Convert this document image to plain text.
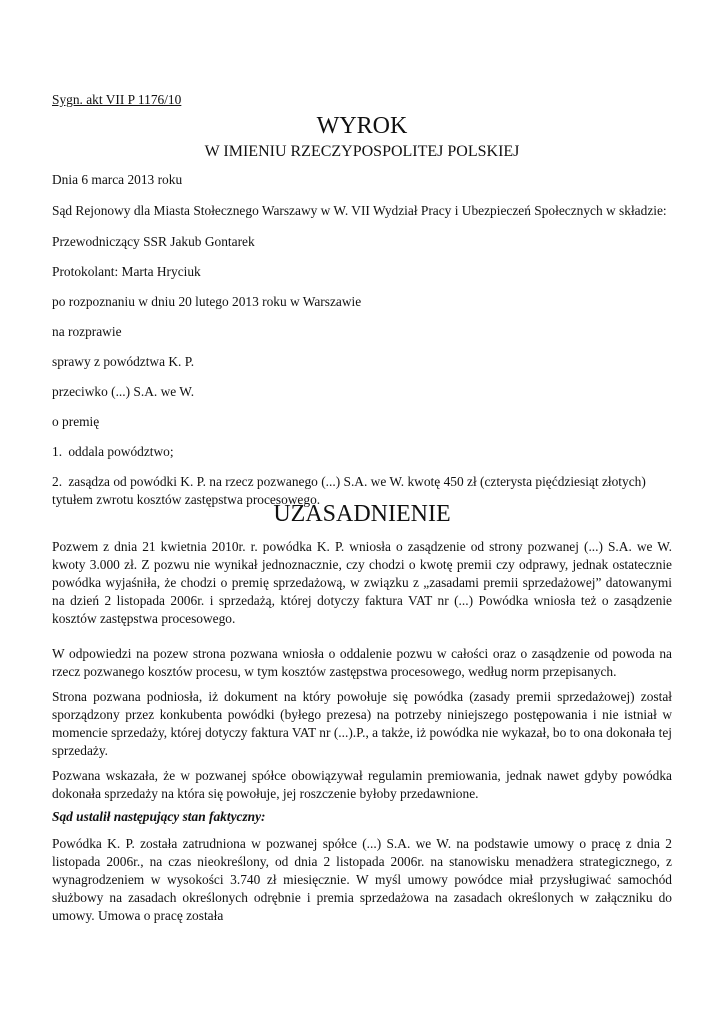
Sygn. akt VII P 1176/10
WYROK
W IMIENIU RZECZYPOSPOLITEJ POLSKIEJ
Dnia 6 marca 2013 roku
Sąd Rejonowy dla Miasta Stołecznego Warszawy w W. VII Wydział Pracy i Ubezpieczeń Społecznych w składzie:
Przewodniczący SSR Jakub Gontarek
Protokolant: Marta Hryciuk
po rozpoznaniu w dniu 20 lutego 2013 roku w Warszawie
na rozprawie
sprawy z powództwa K. P.
przeciwko (...) S.A. we W.
o premię
1. oddala powództwo;
2. zasądza od powódki K. P. na rzecz pozwanego (...) S.A. we W. kwotę 450 zł (czterysta pięćdziesiąt złotych) tytułem zwrotu kosztów zastępstwa procesowego.
UZASADNIENIE
Pozwem z dnia 21 kwietnia 2010r. r. powódka K. P. wniosła o zasądzenie od strony pozwanej (...) S.A. we W. kwoty 3.000 zł. Z pozwu nie wynikał jednoznacznie, czy chodzi o kwotę premii czy odprawy, jednak ostatecznie powódka wyjaśniła, że chodzi o premię sprzedażową, w związku z „zasadami premii sprzedażowej” datowanymi na dzień 2 listopada 2006r. i sprzedażą, której dotyczy faktura VAT nr (...) Powódka wniosła też o zasądzenie kosztów zastępstwa procesowego.
W odpowiedzi na pozew strona pozwana wniosła o oddalenie pozwu w całości oraz o zasądzenie od powoda na rzecz pozwanego kosztów procesu, w tym kosztów zastępstwa procesowego, według norm przepisanych.
Strona pozwana podniosła, iż dokument na który powołuje się powódka (zasady premii sprzedażowej) został sporządzony przez konkubenta powódki (byłego prezesa) na potrzeby niniejszego postępowania i nie istniał w momencie sprzedaży, której dotyczy faktura VAT nr (...).P., a także, iż powódka nie wykazał, bo to ona dokonała tej sprzedaży.
Pozwana wskazała, że w pozwanej spółce obowiązywał regulamin premiowania, jednak nawet gdyby powódka dokonała sprzedaży na która się powołuje, jej roszczenie byłoby przedawnione.
Sąd ustalił następujący stan faktyczny:
Powódka K. P. została zatrudniona w pozwanej spółce (...) S.A. we W. na podstawie umowy o pracę z dnia 2 listopada 2006r., na czas nieokreślony, od dnia 2 listopada 2006r. na stanowisku menadżera strategicznego, z wynagrodzeniem w wysokości 3.740 zł miesięcznie. W myśl umowy powódce miał przysługiwać samochód służbowy na zasadach określonych odrębnie i premia sprzedażowa na zasadach określonych w załączniku do umowy. Umowa o pracę została
